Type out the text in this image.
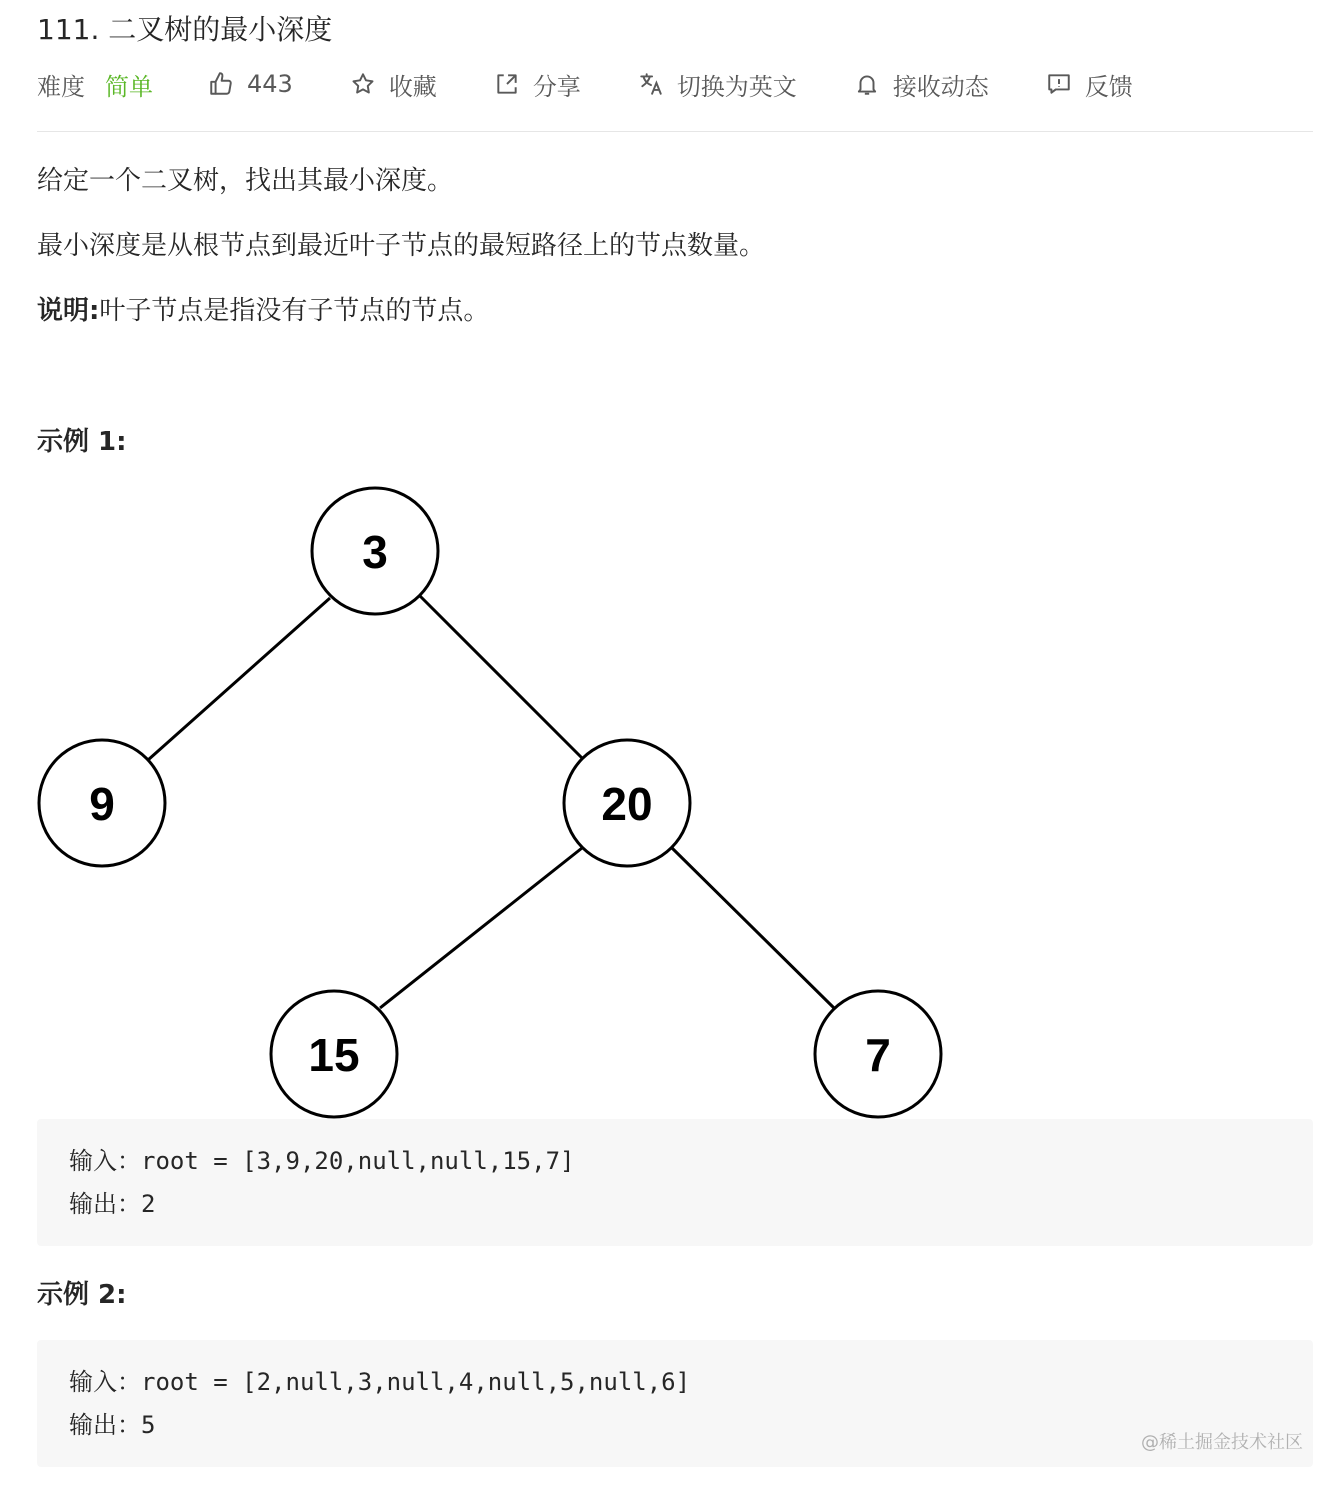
111. 二叉树的最小深度
难度 简单	443	收藏	分享	切换为英文	接收动态	反馈
给定一个二叉树，找出其最小深度。
最小深度是从根节点到最近叶子节点的最短路径上的节点数量。
说明:叶子节点是指没有子节点的节点。
示例 1:
3
9	20
15	7
输入：root = [3,9,20,null,null,15,7]
输出：2
示例 2:
输入：root = [2,null,3,null,4,null,5,null,6]
输出：5
@稀土掘金技术社区
